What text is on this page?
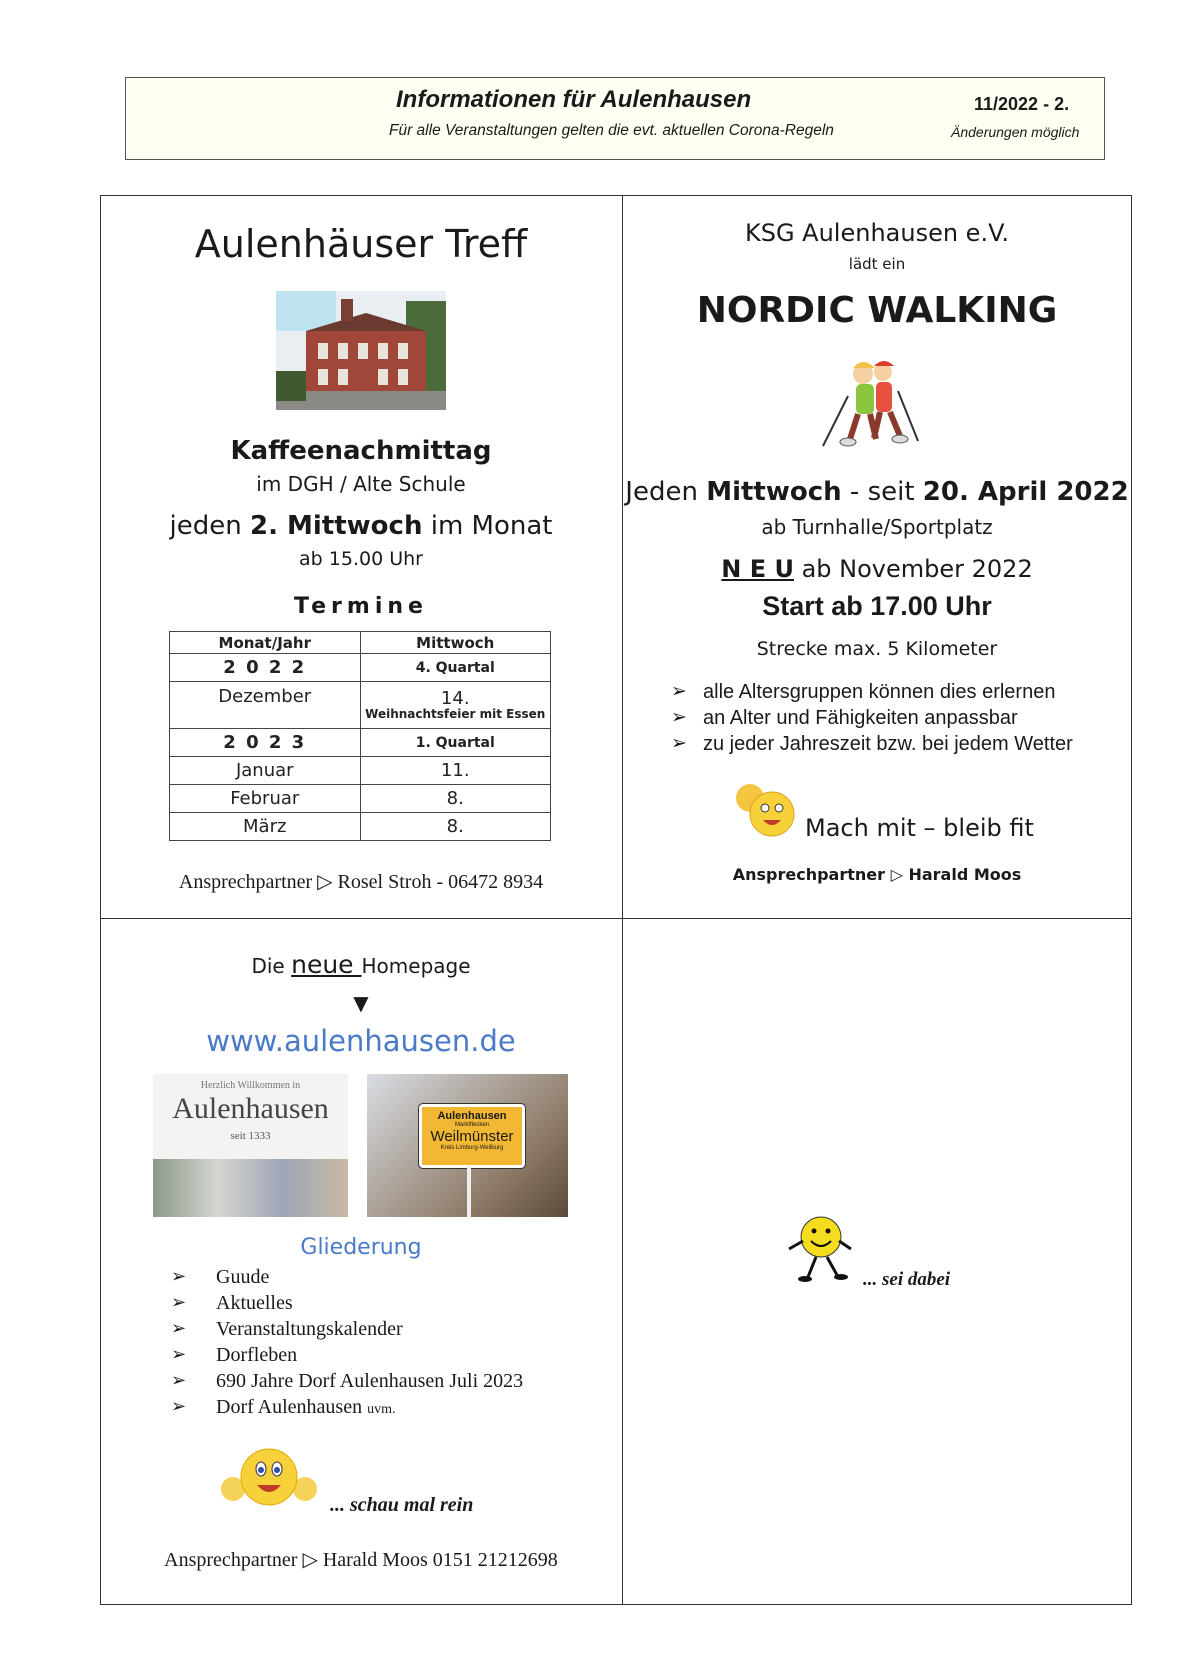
Informationen für Aulenhausen
Für alle Veranstaltungen gelten die evt. aktuellen Corona-Regeln
11/2022 - 2.
Änderungen möglich
Aulenhäuser Treff
Kaffeenachmittag
im DGH / Alte Schule
jeden 2. Mittwoch im Monat
ab 15.00 Uhr
Termine
Monat/Jahr	Mittwoch
2 0 2 2	4. Quartal
Dezember	14.
Weihnachtsfeier mit Essen

2 0 2 3	1. Quartal
Januar	11.
Februar	8.
März	8.
Ansprechpartner ▷ Rosel Stroh - 06472 8934
KSG Aulenhausen e.V.
lädt ein
NORDIC WALKING
Jeden Mittwoch - seit 20. April 2022
ab Turnhalle/Sportplatz
N E U ab November 2022
Start ab 17.00 Uhr
Strecke max. 5 Kilometer
➢ alle Altersgruppen können dies erlernen
➢ an Alter und Fähigkeiten anpassbar
➢ zu jeder Jahreszeit bzw. bei jedem Wetter
Mach mit – bleib fit
Ansprechpartner ▷ Harald Moos
Die neue Homepage
▼
www.aulenhausen.de
Herzlich Willkommen in
Aulenhausen
seit 1333
Aulenhausen
Marktflecken
Weilmünster
Kreis Limburg-Weilburg
Gliederung
➢ Guude
➢ Aktuelles
➢ Veranstaltungskalender
➢ Dorfleben
➢ 690 Jahre Dorf Aulenhausen Juli 2023
➢ Dorf Aulenhausen uvm.
... schau mal rein
Ansprechpartner ▷ Harald Moos 0151 21212698
... sei dabei
